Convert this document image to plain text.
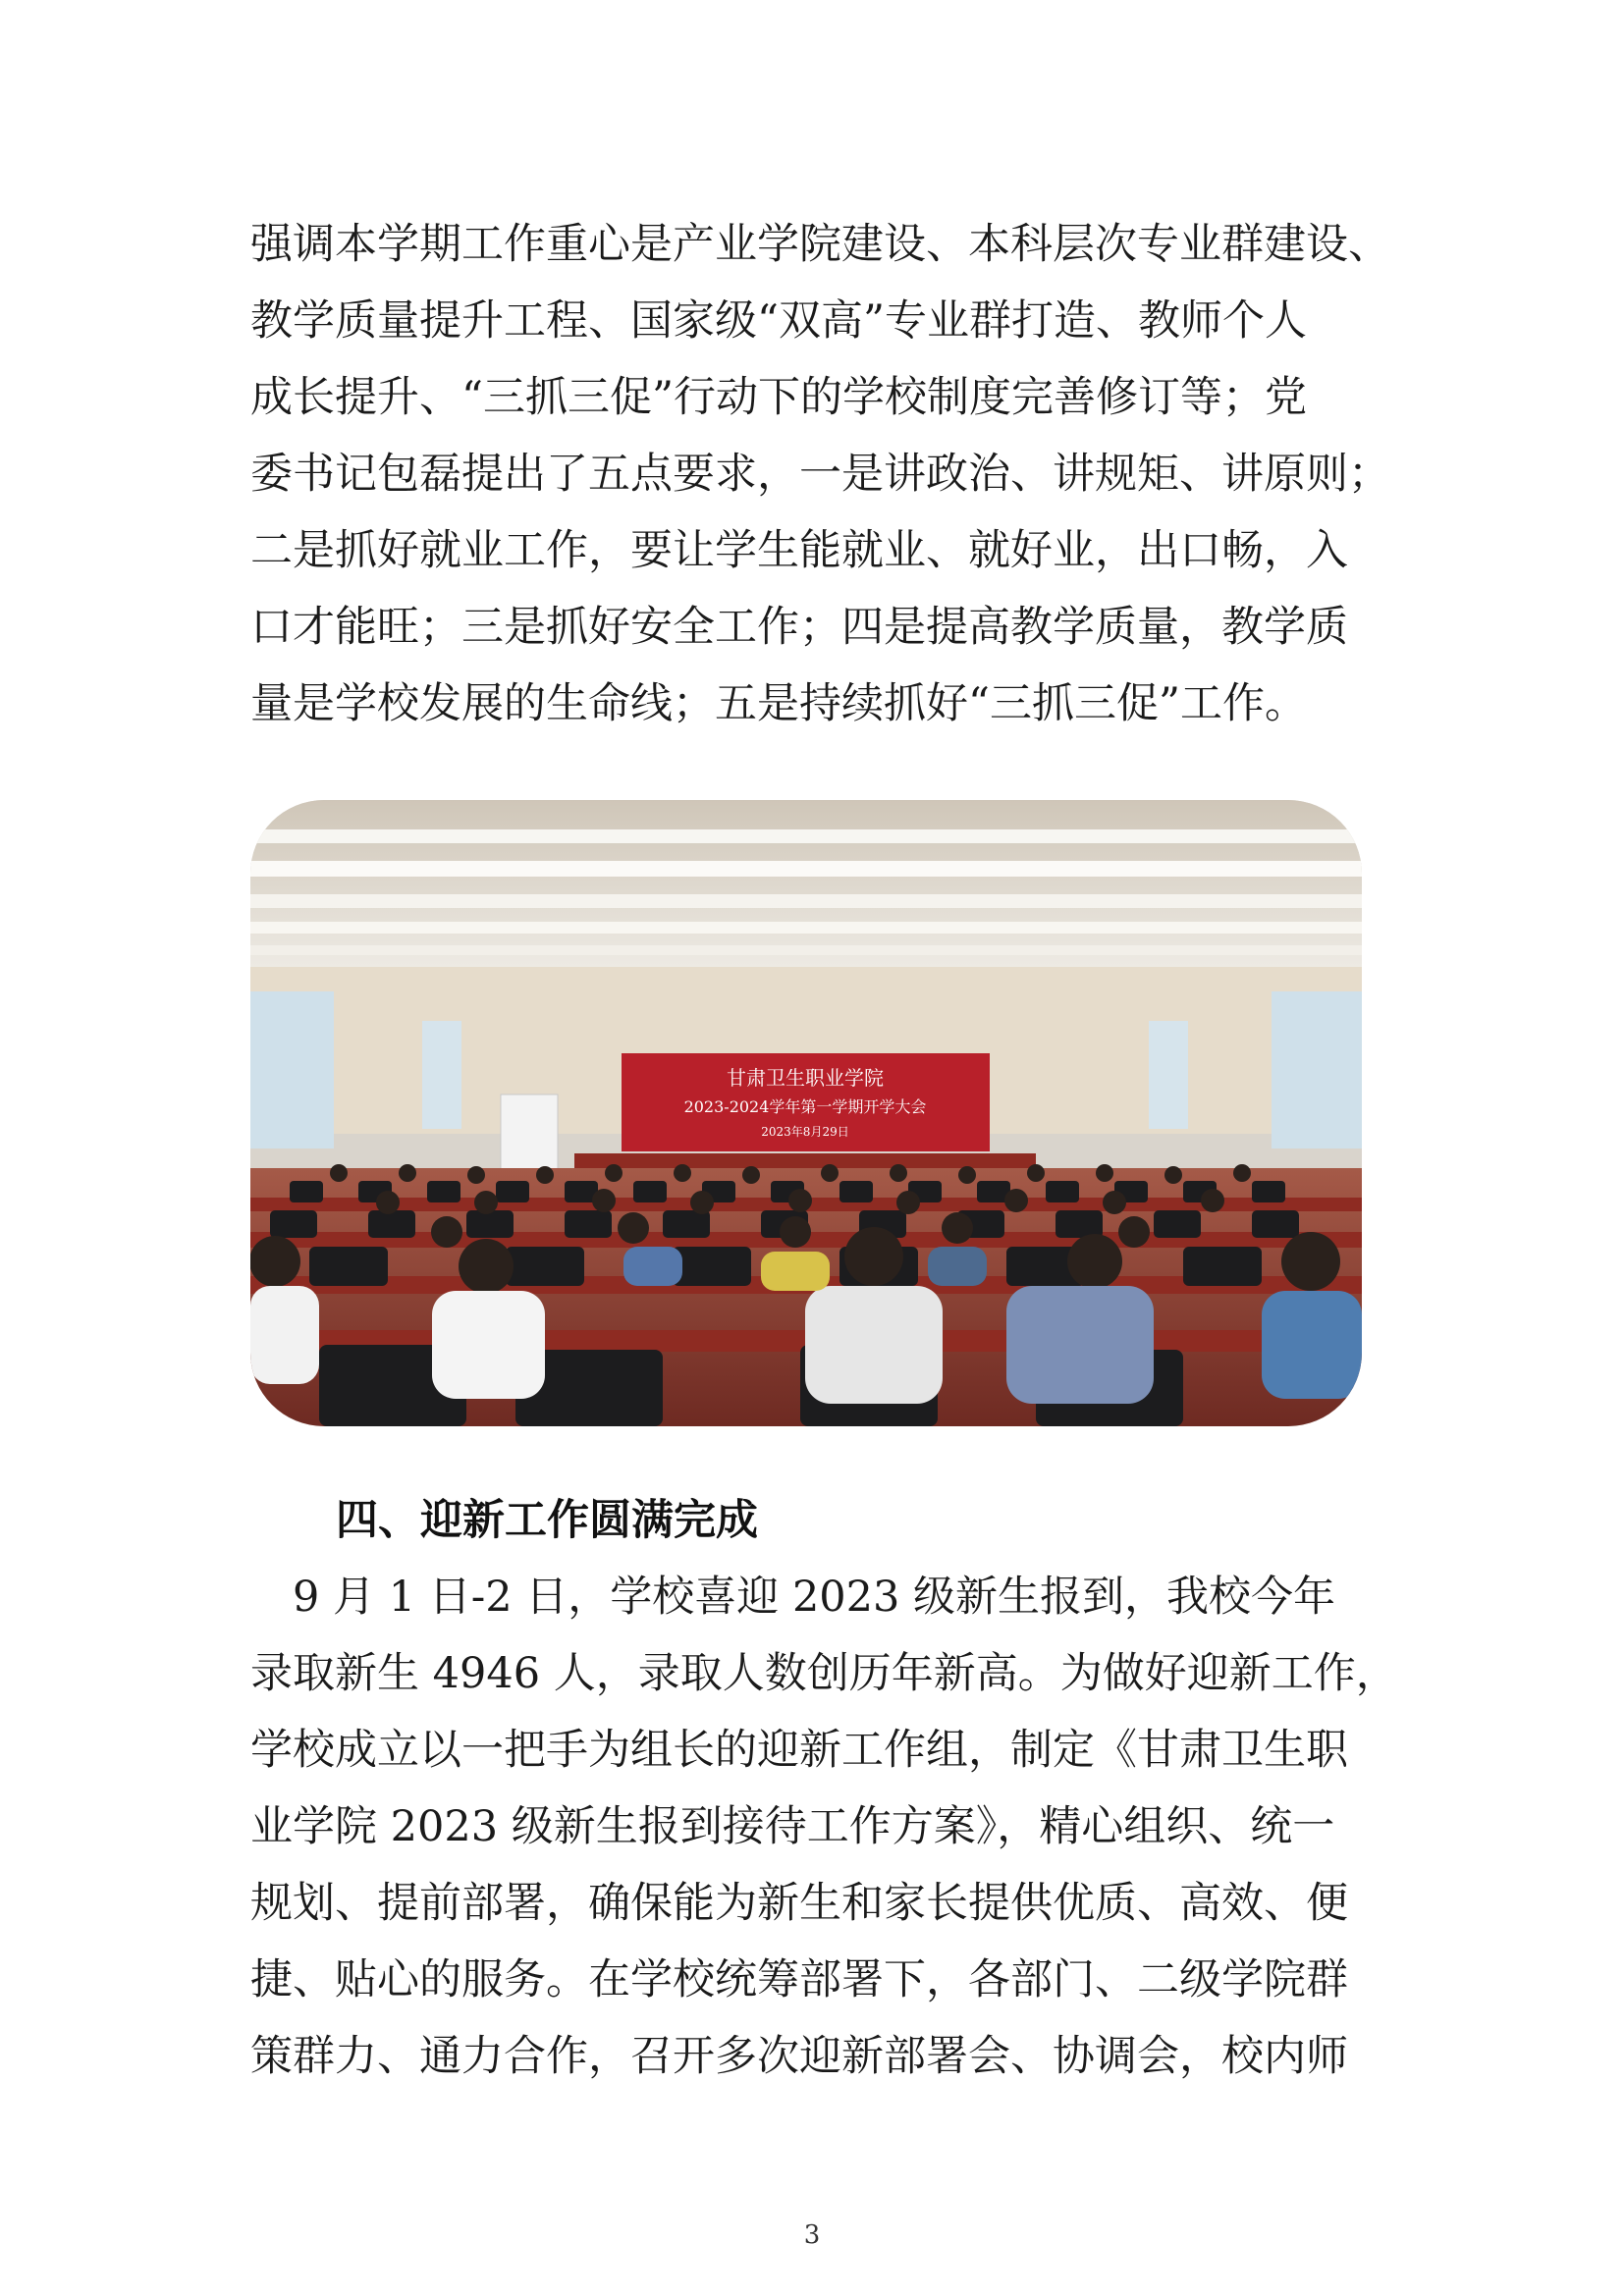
强调本学期工作重心是产业学院建设、本科层次专业群建设、
教学质量提升工程、国家级“双高”专业群打造、教师个人
成长提升、“三抓三促”行动下的学校制度完善修订等；党
委书记包磊提出了五点要求，一是讲政治、讲规矩、讲原则；
二是抓好就业工作，要让学生能就业、就好业，出口畅，入
口才能旺；三是抓好安全工作；四是提高教学质量，教学质
量是学校发展的生命线；五是持续抓好“三抓三促”工作。
甘肃卫生职业学院
2023-2024学年第一学期开学大会
2023年8月29日
四、迎新工作圆满完成
　9 月 1 日-2 日，学校喜迎 2023 级新生报到，我校今年
录取新生 4946 人，录取人数创历年新高。为做好迎新工作，
学校成立以一把手为组长的迎新工作组，制定《甘肃卫生职
业学院 2023 级新生报到接待工作方案》，精心组织、统一
规划、提前部署，确保能为新生和家长提供优质、高效、便
捷、贴心的服务。在学校统筹部署下，各部门、二级学院群
策群力、通力合作，召开多次迎新部署会、协调会，校内师
3
